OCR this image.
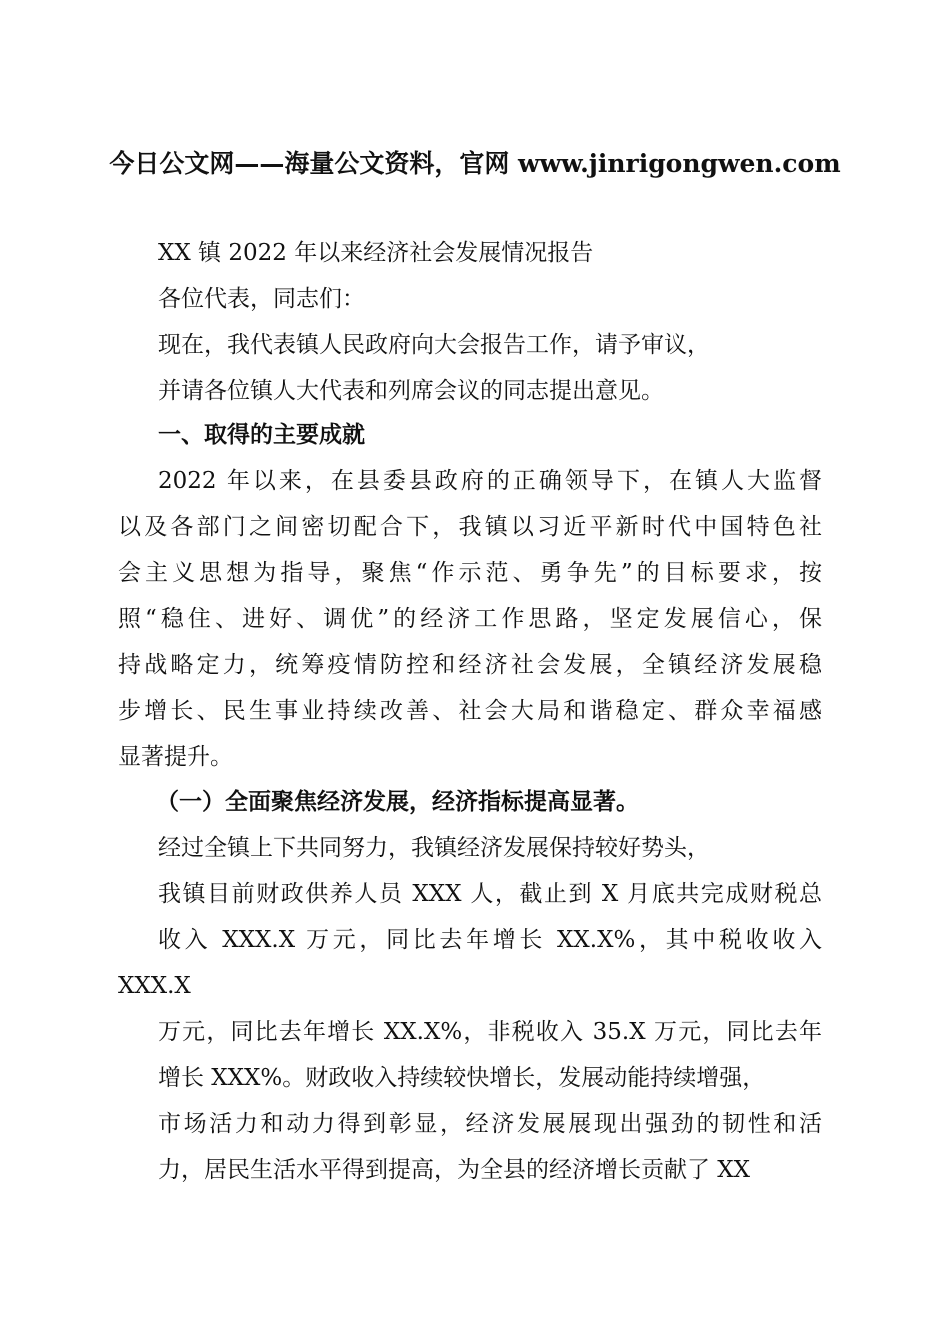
今日公文网——海量公文资料，官网 www.jinrigongwen.com
XX 镇 2022 年以来经济社会发展情况报告
各位代表，同志们：
现在，我代表镇人民政府向大会报告工作，请予审议，
并请各位镇人大代表和列席会议的同志提出意见。
一、取得的主要成就
2022 年以来，在县委县政府的正确领导下，在镇人大监督
以及各部门之间密切配合下，我镇以习近平新时代中国特色社
会主义思想为指导，聚焦“作示范、勇争先”的目标要求，按
照“稳住、进好、调优”的经济工作思路，坚定发展信心，保
持战略定力，统筹疫情防控和经济社会发展，全镇经济发展稳
步增长、民生事业持续改善、社会大局和谐稳定、群众幸福感
显著提升。
（一）全面聚焦经济发展，经济指标提高显著。
经过全镇上下共同努力，我镇经济发展保持较好势头，
我镇目前财政供养人员 XXX 人，截止到 X 月底共完成财税总
收入 XXX.X 万元，同比去年增长 XX.X%，其中税收收入
XXX.X
万元，同比去年增长 XX.X%，非税收入 35.X 万元，同比去年
增长 XXX%。财政收入持续较快增长，发展动能持续增强，
市场活力和动力得到彰显，经济发展展现出强劲的韧性和活
力，居民生活水平得到提高，为全县的经济增长贡献了 XX
